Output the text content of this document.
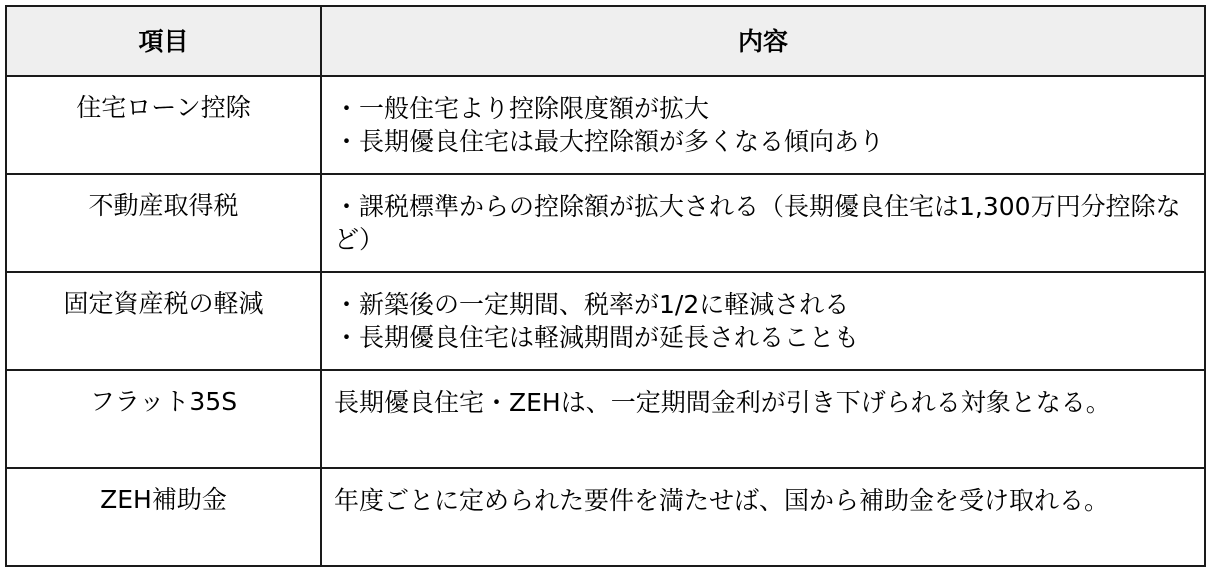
項目	内容
住宅ローン控除	・一般住宅より控除限度額が拡大
・長期優良住宅は最大控除額が多くなる傾向あり

不動産取得税	・課税標準からの控除額が拡大される（長期優良住宅は1,300万円分控除など）

固定資産税の軽減	・新築後の一定期間、税率が1/2に軽減される
・長期優良住宅は軽減期間が延長されることも

フラット35S	長期優良住宅・ZEHは、一定期間金利が引き下げられる対象となる。

ZEH補助金	年度ごとに定められた要件を満たせば、国から補助金を受け取れる。
